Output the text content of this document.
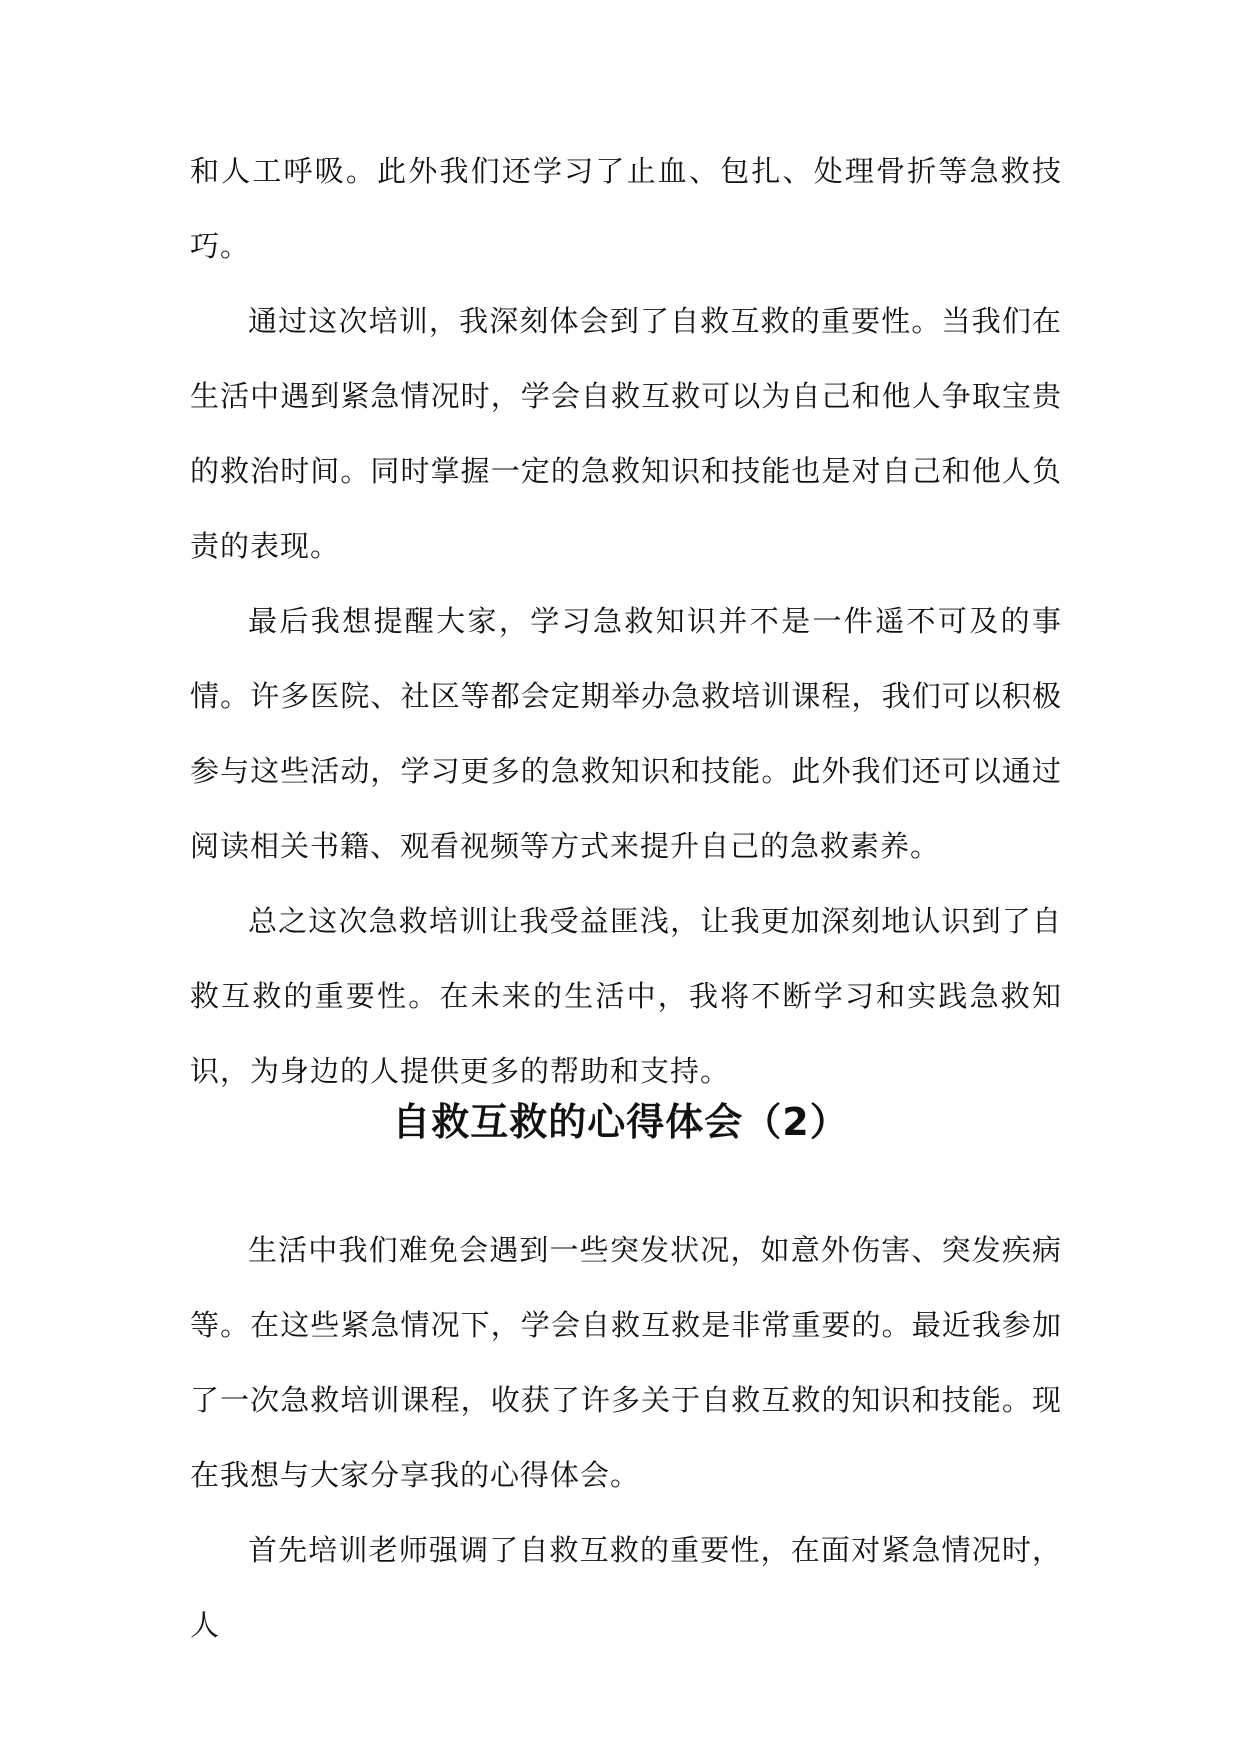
和人工呼吸。此外我们还学习了止血、包扎、处理骨折等急救技巧。

通过这次培训，我深刻体会到了自救互救的重要性。当我们在生活中遇到紧急情况时，学会自救互救可以为自己和他人争取宝贵的救治时间。同时掌握一定的急救知识和技能也是对自己和他人负责的表现。

最后我想提醒大家，学习急救知识并不是一件遥不可及的事情。许多医院、社区等都会定期举办急救培训课程，我们可以积极参与这些活动，学习更多的急救知识和技能。此外我们还可以通过阅读相关书籍、观看视频等方式来提升自己的急救素养。

总之这次急救培训让我受益匪浅，让我更加深刻地认识到了自救互救的重要性。在未来的生活中，我将不断学习和实践急救知识，为身边的人提供更多的帮助和支持。

自救互救的心得体会（2）

生活中我们难免会遇到一些突发状况，如意外伤害、突发疾病等。在这些紧急情况下，学会自救互救是非常重要的。最近我参加了一次急救培训课程，收获了许多关于自救互救的知识和技能。现在我想与大家分享我的心得体会。

首先培训老师强调了自救互救的重要性，在面对紧急情况时，人
